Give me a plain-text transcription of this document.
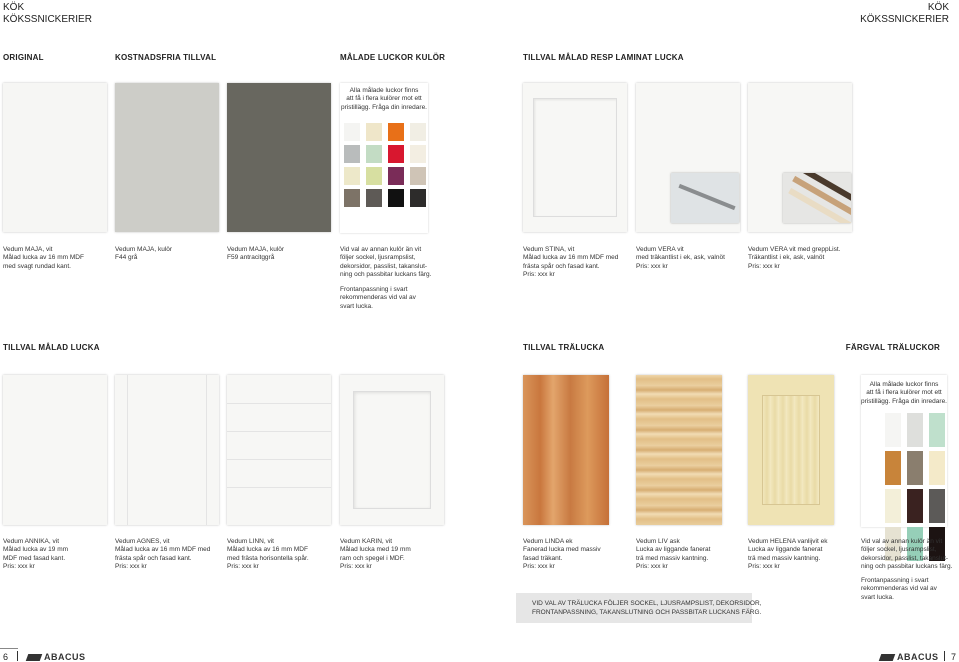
KÖK
KÖKSSNICKERIER
KÖK
KÖKSSNICKERIER
ORIGINAL	KOSTNADSFRIA TILLVAL	MÅLADE LUCKOR KULÖR	TILLVAL MÅLAD RESP LAMINAT LUCKA
Alla målade luckor finns
att få i flera kulörer mot ett
pristillägg. Fråga din inredare.
Vedum MAJA, vit
Målad lucka av 16 mm MDF
med svagt rundad kant.
Vedum MAJA, kulör
F44 grå
Vedum MAJA, kulör
F59 antracitggrå
Vid val av annan kulör än vit
följer sockel, ljusrampslist,
dekorsidor, passlist, takanslut-
ning och passbitar luckans färg.
Frontanpassning i svart
rekommenderas vid val av
svart lucka.
Vedum STINA, vit
Målad lucka av 16 mm MDF med
frästa spår och fasad kant.
Pris: xxx kr
Vedum VERA vit
med träkantlist i ek, ask, valnöt
Pris: xxx kr
Vedum VERA vit med greppList.
Träkantlist i ek, ask, valnöt
Pris: xxx kr
TILLVAL MÅLAD LUCKA	TILLVAL TRÄLUCKA	FÄRGVAL TRÄLUCKOR
Alla målade luckor finns
att få i flera kulörer mot ett
pristillägg. Fråga din inredare.
Vedum ANNIKA, vit
Målad lucka av 19 mm
MDF med fasad kant.
Pris: xxx kr
Vedum AGNES, vit
Målad lucka av 16 mm MDF med
frästa spår och fasad kant.
Pris: xxx kr
Vedum LINN, vit
Målad lucka av 16 mm MDF
med frästa horisontella spår.
Pris: xxx kr
Vedum KARIN, vit
Målad lucka med 19 mm
ram och spegel i MDF.
Pris: xxx kr
Vedum LINDA ek
Fanerad lucka med massiv
fasad träkant.
Pris: xxx kr
Vedum LIV ask
Lucka av liggande fanerat
trä med massiv kantning.
Pris: xxx kr
Vedum HELENA vanlijvit ek
Lucka av liggande fanerat
trä med massiv kantning.
Pris: xxx kr
Vid val av annan kulör än vit
följer sockel, ljusrampslist,
dekorsidor, passlist, takanslut-
ning och passbitar luckans färg.
Frontanpassning i svart
rekommenderas vid val av
svart lucka.
VID VAL AV TRÄLUCKA FÖLJER SOCKEL, LJUSRAMPSLIST, DEKORSIDOR,
FRONTANPASSNING, TAKANSLUTNING OCH PASSBITAR LUCKANS FÄRG.
6	ABACUS	ABACUS 7
